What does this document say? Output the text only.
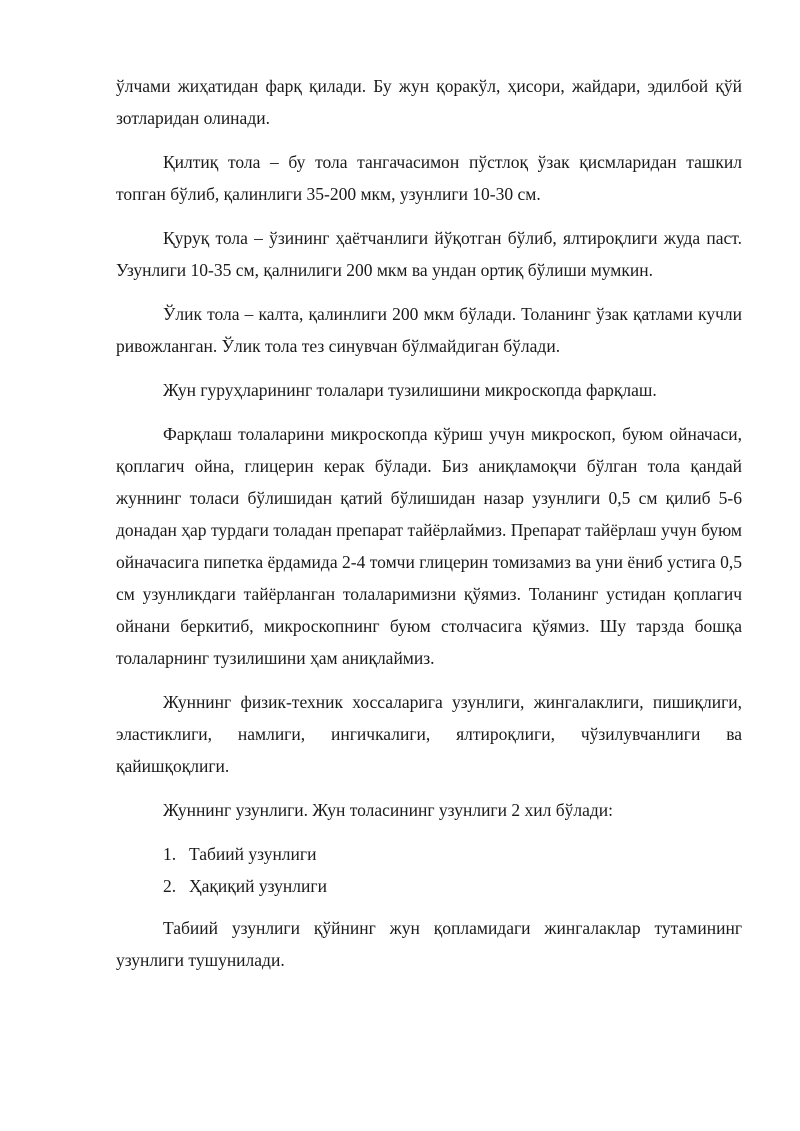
ўлчами жиҳатидан фарқ қилади. Бу жун қоракўл, ҳисори, жайдари, эдилбой қўй зотларидан олинади.

Қилтиқ тола – бу тола тангачасимон пўстлоқ ўзак қисмларидан ташкил топган бўлиб, қалинлиги 35-200 мкм, узунлиги 10-30 см.

Қуруқ тола – ўзининг ҳаётчанлиги йўқотган бўлиб, ялтироқлиги жуда паст. Узунлиги 10-35 см, қалнилиги 200 мкм ва ундан ортиқ бўлиши мумкин.

Ўлик тола – калта, қалинлиги 200 мкм бўлади. Толанинг ўзак қатлами кучли ривожланган. Ўлик тола тез синувчан бўлмайдиган бўлади.

Жун гуруҳларининг толалари тузилишини микроскопда фарқлаш.

Фарқлаш толаларини микроскопда кўриш учун микроскоп, буюм ойначаси, қоплагич ойна, глицерин керак бўлади. Биз аниқламоқчи бўлган тола қандай жуннинг толаси бўлишидан қатий бўлишидан назар узунлиги 0,5 см қилиб 5-6 донадан ҳар турдаги толадан препарат тайёрлаймиз. Препарат тайёрлаш учун буюм ойначасига пипетка ёрдамида 2-4 томчи глицерин томизамиз ва уни ёниб устига 0,5 см узунликдаги тайёрланган толаларимизни қўямиз. Толанинг устидан қоплагич ойнани беркитиб, микроскопнинг буюм столчасига қўямиз. Шу тарзда бошқа толаларнинг тузилишини ҳам аниқлаймиз.

Жуннинг физик-техник хоссаларига узунлиги, жингалаклиги, пишиқлиги, эластиклиги, намлиги, ингичкалиги, ялтироқлиги, чўзилувчанлиги ва қайишқоқлиги.

Жуннинг узунлиги. Жун толасининг узунлиги 2 хил бўлади:

1. Табиий узунлиги
2. Ҳақиқий узунлиги

Табиий узунлиги қўйнинг жун қопламидаги жингалаклар тутамининг узунлиги тушунилади.
